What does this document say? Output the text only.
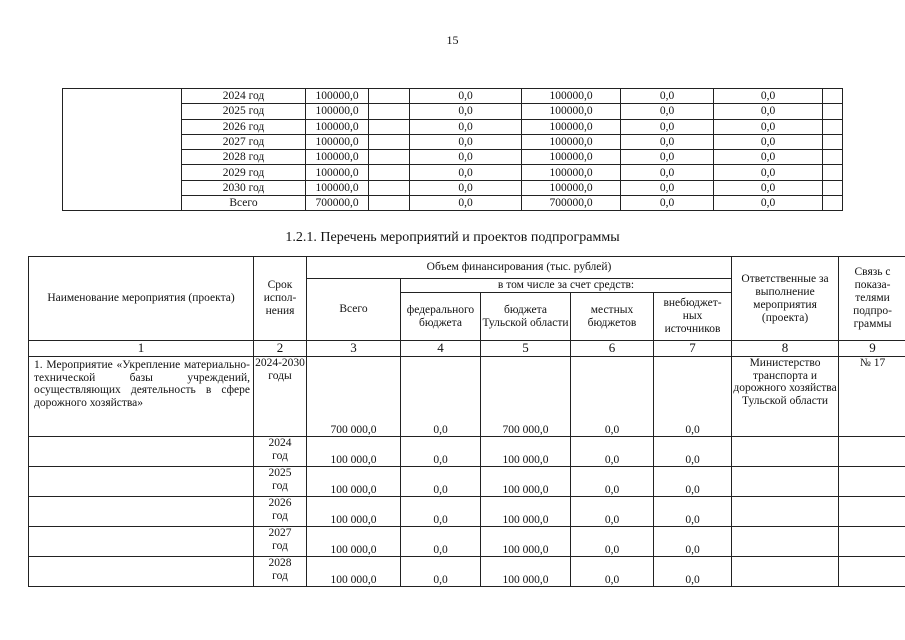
15
	2024 год	100000,0		0,0	100000,0	0,0	0,0	
	2025 год	100000,0		0,0	100000,0	0,0	0,0	
	2026 год	100000,0		0,0	100000,0	0,0	0,0	
	2027 год	100000,0		0,0	100000,0	0,0	0,0	
	2028 год	100000,0		0,0	100000,0	0,0	0,0	
	2029 год	100000,0		0,0	100000,0	0,0	0,0	
	2030 год	100000,0		0,0	100000,0	0,0	0,0	
	Всего	700000,0		0,0	700000,0	0,0	0,0	
1.2.1. Перечень мероприятий и проектов подпрограммы
Наименование мероприятия (проекта)	Срок испол-нения	Объем финансирования (тыс. рублей)					Ответственные за выполнение мероприятия (проекта)	Связь с показа-телями подпро-граммы
		Всего	в том числе за счет средств:					
			федерального бюджета	бюджета Тульской области	местных бюджетов	внебюджет-ных источников		
1	2	3	4	5	6	7	8	9
1. Мероприятие «Укрепление материально-технической базы учреждений, осуществляющих деятельность в сфере дорожного хозяйства»	2024-2030 годы	700 000,0	0,0	700 000,0	0,0	0,0	Министерство транспорта и дорожного хозяйства Тульской области	№ 17

	2024
год	100 000,0	0,0	100 000,0	0,0	0,0		

	2025
год	100 000,0	0,0	100 000,0	0,0	0,0		

	2026
год	100 000,0	0,0	100 000,0	0,0	0,0		

	2027
год	100 000,0	0,0	100 000,0	0,0	0,0		

	2028
год	100 000,0	0,0	100 000,0	0,0	0,0		
